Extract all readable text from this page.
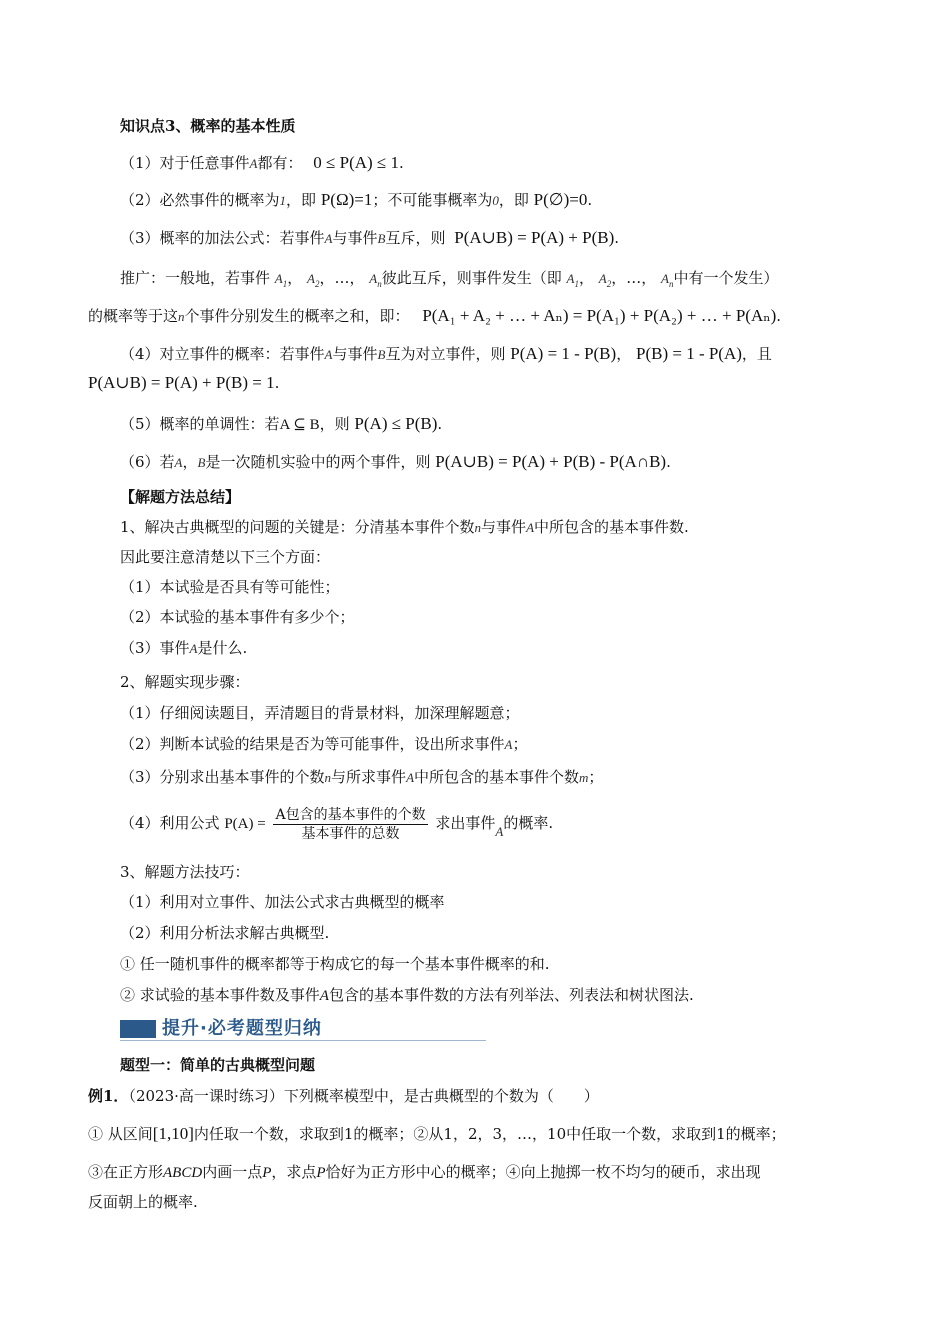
知识点3、概率的基本性质
（1）对于任意事件A都有： 0 ≤ P(A) ≤ 1.
（2）必然事件的概率为1，即 P(Ω)=1；不可能事概率为0，即 P(∅)=0.
（3）概率的加法公式：若事件A与事件B互斥，则 P(A∪B) = P(A) + P(B).
推广：一般地，若事件 $A_1$， $A_2$，…， $A_n$彼此互斥，则事件发生（即 $A_1$， $A_2$，…， $A_n$中有一个发生）
的概率等于这n个事件分别发生的概率之和，即： P(A₁ + A₂ + … + Aₙ) = P(A₁) + P(A₂) + … + P(Aₙ).
（4）对立事件的概率：若事件A与事件B互为对立事件，则 P(A) = 1 - P(B)， P(B) = 1 - P(A)，且
P(A∪B) = P(A) + P(B) = 1.
（5）概率的单调性：若A ⊆ B，则 P(A) ≤ P(B).
（6）若A，B是一次随机实验中的两个事件，则 P(A∪B) = P(A) + P(B) - P(A∩B).
【解题方法总结】
1、解决古典概型的问题的关键是：分清基本事件个数n与事件A中所包含的基本事件数.
因此要注意清楚以下三个方面：
（1）本试验是否具有等可能性；
（2）本试验的基本事件有多少个；
（3）事件A是什么.
2、解题实现步骤：
（1）仔细阅读题目，弄清题目的背景材料，加深理解题意；
（2）判断本试验的结果是否为等可能事件，设出所求事件A；
（3）分别求出基本事件的个数n与所求事件A中所包含的基本事件个数m；
（4）利用公式 $P(A) = \frac{\text{A包含的基本事件的个数}}{\text{基本事件的总数}}$ 求出事件A的概率.
3、解题方法技巧：
（1）利用对立事件、加法公式求古典概型的概率
（2）利用分析法求解古典概型.
① 任一随机事件的概率都等于构成它的每一个基本事件概率的和.
② 求试验的基本事件数及事件A包含的基本事件数的方法有列举法、列表法和树状图法.
提升·必考题型归纳
题型一：简单的古典概型问题
例1．（2023·高一课时练习）下列概率模型中，是古典概型的个数为（　　）
① 从区间[1,10]内任取一个数，求取到1的概率；②从1，2，3，…，10中任取一个数，求取到1的概率；
③在正方形ABCD内画一点P，求点P恰好为正方形中心的概率；④向上抛掷一枚不均匀的硬币，求出现
反面朝上的概率.
